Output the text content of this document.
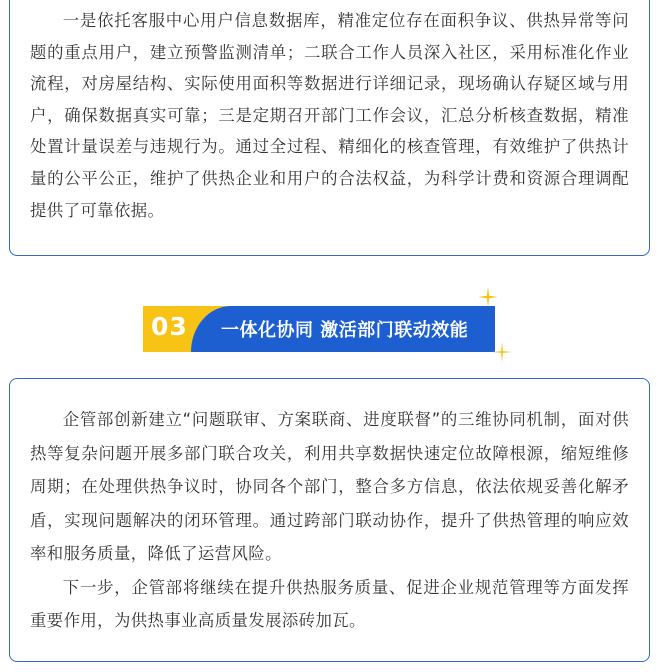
一是依托客服中心用户信息数据库，精准定位存在面积争议、供热异常等问题的重点用户，建立预警监测清单；二联合工作人员深入社区，采用标准化作业流程，对房屋结构、实际使用面积等数据进行详细记录，现场确认存疑区域与用户，确保数据真实可靠；三是定期召开部门工作会议，汇总分析核查数据，精准处置计量误差与违规行为。通过全过程、精细化的核查管理，有效维护了供热计量的公平公正，维护了供热企业和用户的合法权益，为科学计费和资源合理调配提供了可靠依据。

03 一体化协同 激活部门联动效能

企管部创新建立“问题联审、方案联商、进度联督”的三维协同机制，面对供热等复杂问题开展多部门联合攻关，利用共享数据快速定位故障根源，缩短维修周期；在处理供热争议时，协同各个部门，整合多方信息，依法依规妥善化解矛盾，实现问题解决的闭环管理。通过跨部门联动协作，提升了供热管理的响应效率和服务质量，降低了运营风险。

下一步，企管部将继续在提升供热服务质量、促进企业规范管理等方面发挥重要作用，为供热事业高质量发展添砖加瓦。
